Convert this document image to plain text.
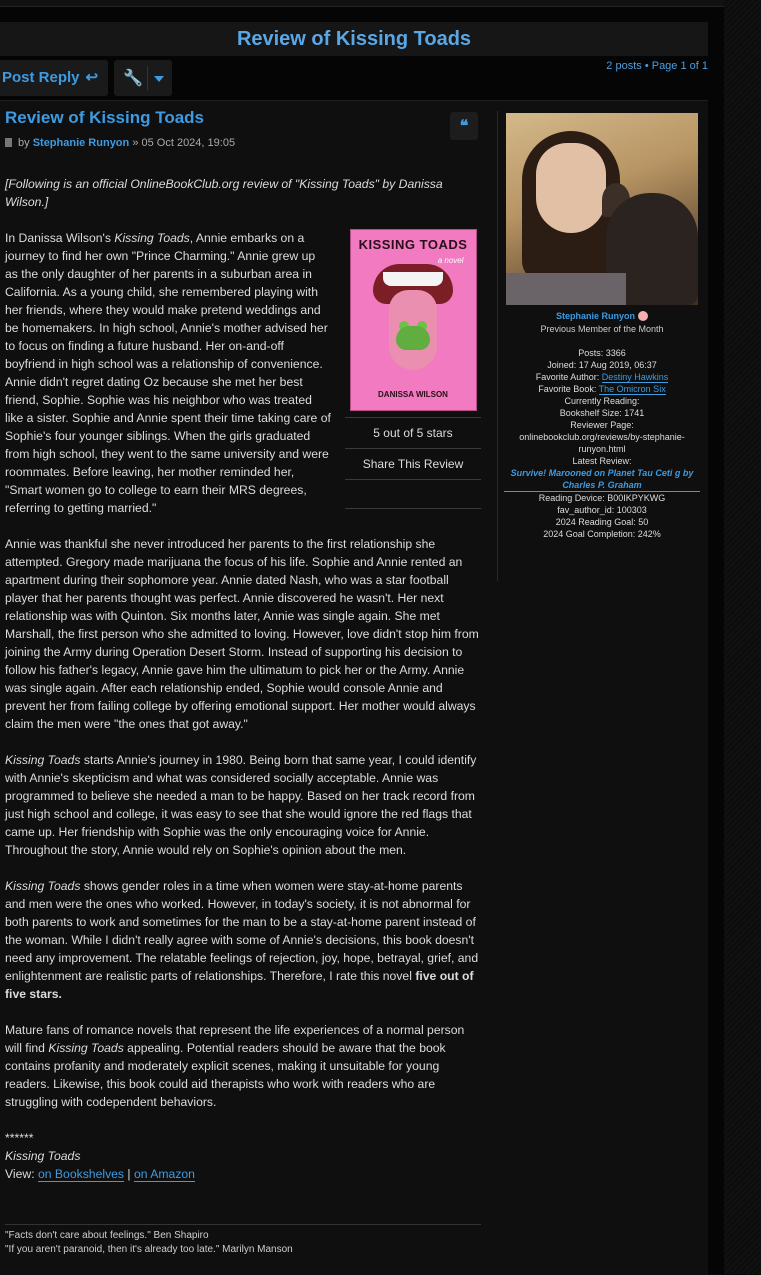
Review of Kissing Toads
Post Reply ↩	🔧
2 posts • Page 1 of 1
Review of Kissing Toads	❝
by Stephanie Runyon » 05 Oct 2024, 19:05

[Following is an official OnlineBookClub.org review of "Kissing Toads" by Danissa Wilson.]

KISSING TOADS
a novel
DANISSA WILSON
5 out of 5 stars
Share This Review

In Danissa Wilson's Kissing Toads, Annie embarks on a journey to find her own "Prince Charming." Annie grew up as the only daughter of her parents in a suburban area in California. As a young child, she remembered playing with her friends, where they would make pretend weddings and be homemakers. In high school, Annie's mother advised her to focus on finding a future husband. Her on-and-off boyfriend in high school was a relationship of convenience. Annie didn't regret dating Oz because she met her best friend, Sophie. Sophie was his neighbor who was treated like a sister. Sophie and Annie spent their time taking care of Sophie's four younger siblings. When the girls graduated from high school, they went to the same university and were roommates. Before leaving, her mother reminded her, "Smart women go to college to earn their MRS degrees, referring to getting married."

Annie was thankful she never introduced her parents to the first relationship she attempted. Gregory made marijuana the focus of his life. Sophie and Annie rented an apartment during their sophomore year. Annie dated Nash, who was a star football player that her parents thought was perfect. Annie discovered he wasn't. Her next relationship was with Quinton. Six months later, Annie was single again. She met Marshall, the first person who she admitted to loving. However, love didn't stop him from joining the Army during Operation Desert Storm. Instead of supporting his decision to follow his father's legacy, Annie gave him the ultimatum to pick her or the Army. Annie was single again. After each relationship ended, Sophie would console Annie and prevent her from failing college by offering emotional support. Her mother would always claim the men were "the ones that got away."

Kissing Toads starts Annie's journey in 1980. Being born that same year, I could identify with Annie's skepticism and what was considered socially acceptable. Annie was programmed to believe she needed a man to be happy. Based on her track record from just high school and college, it was easy to see that she would ignore the red flags that came up. Her friendship with Sophie was the only encouraging voice for Annie. Throughout the story, Annie would rely on Sophie's opinion about the men.

Kissing Toads shows gender roles in a time when women were stay-at-home parents and men were the ones who worked. However, in today's society, it is not abnormal for both parents to work and sometimes for the man to be a stay-at-home parent instead of the woman. While I didn't really agree with some of Annie's decisions, this book doesn't need any improvement. The relatable feelings of rejection, joy, hope, betrayal, grief, and enlightenment are realistic parts of relationships. Therefore, I rate this novel five out of five stars.

Mature fans of romance novels that represent the life experiences of a normal person will find Kissing Toads appealing. Potential readers should be aware that the book contains profanity and moderately explicit scenes, making it unsuitable for young readers. Likewise, this book could aid therapists who work with readers who are struggling with codependent behaviors.

******
Kissing Toads
View: on Bookshelves | on Amazon
"Facts don't care about feelings." Ben Shapiro
"If you aren't paranoid, then it's already too late." Marilyn Manson
Stephanie Runyon
Previous Member of the Month
Posts: 3366
Joined: 17 Aug 2019, 06:37
Favorite Author: Destiny Hawkins
Favorite Book: The Omicron Six
Currently Reading:
Bookshelf Size: 1741
Reviewer Page:
onlinebookclub.org/reviews/by-stephanie-runyon.html
Latest Review:
Survive! Marooned on Planet Tau Ceti g by Charles P. Graham
Reading Device: B00IKPYKWG
fav_author_id: 100303
2024 Reading Goal: 50
2024 Goal Completion: 242%
